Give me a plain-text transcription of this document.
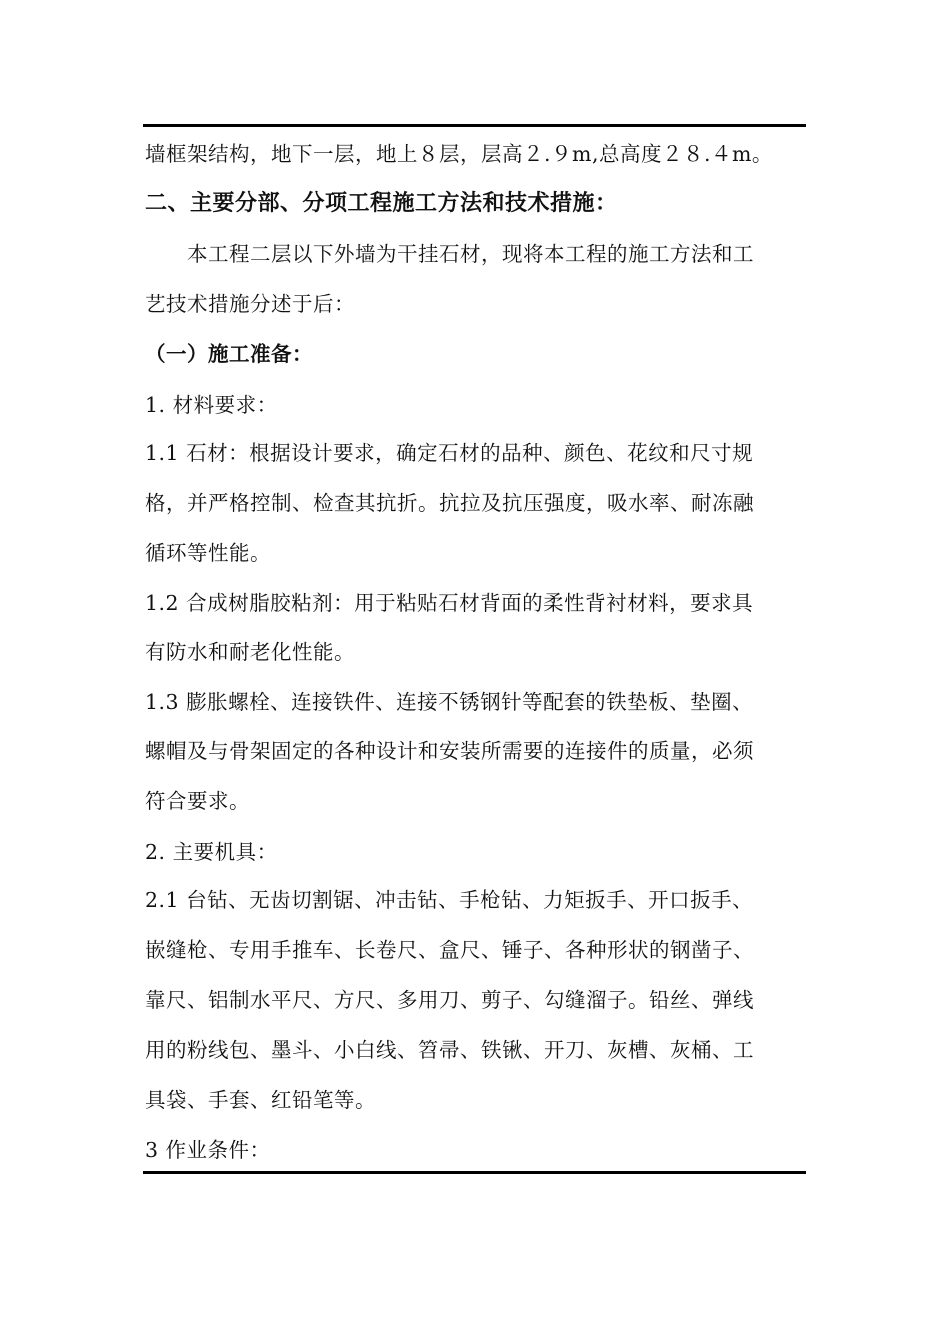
墙框架结构，地下一层，地上８层，层高２.９m,总高度２８.４m。
二、主要分部、分项工程施工方法和技术措施：
本工程二层以下外墙为干挂石材，现将本工程的施工方法和工
艺技术措施分述于后：
（一）施工准备：
1. 材料要求：
1.1 石材：根据设计要求，确定石材的品种、颜色、花纹和尺寸规
格，并严格控制、检查其抗折。抗拉及抗压强度，吸水率、耐冻融
循环等性能。
1.2 合成树脂胶粘剂：用于粘贴石材背面的柔性背衬材料，要求具
有防水和耐老化性能。
1.3 膨胀螺栓、连接铁件、连接不锈钢针等配套的铁垫板、垫圈、
螺帽及与骨架固定的各种设计和安装所需要的连接件的质量，必须
符合要求。
2. 主要机具：
2.1 台钻、无齿切割锯、冲击钻、手枪钻、力矩扳手、开口扳手、
嵌缝枪、专用手推车、长卷尺、盒尺、锤子、各种形状的钢凿子、
靠尺、铝制水平尺、方尺、多用刀、剪子、勾缝溜子。铅丝、弹线
用的粉线包、墨斗、小白线、笤帚、铁锹、开刀、灰槽、灰桶、工
具袋、手套、红铅笔等。
3 作业条件：
